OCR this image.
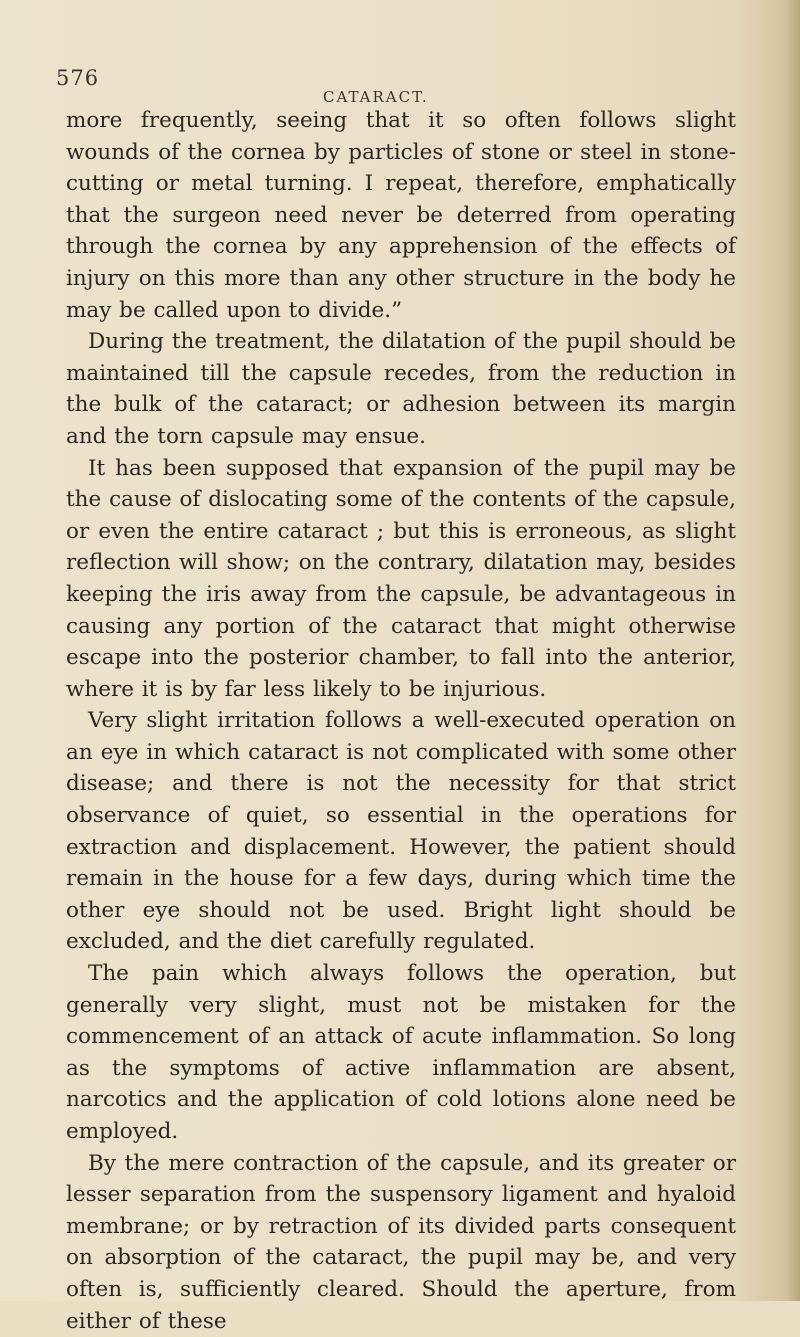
576
CATARACT.

more frequently, seeing that it so often follows slight wounds of the cornea by particles of stone or steel in stone-cutting or metal turning. I repeat, therefore, emphatically that the surgeon need never be deterred from operating through the cornea by any apprehension of the effects of injury on this more than any other structure in the body he may be called upon to divide.”

During the treatment, the dilatation of the pupil should be maintained till the capsule recedes, from the reduction in the bulk of the cataract; or adhesion between its margin and the torn capsule may ensue.

It has been supposed that expansion of the pupil may be the cause of dislocating some of the contents of the capsule, or even the entire cataract ; but this is erroneous, as slight reflection will show; on the contrary, dilatation may, besides keeping the iris away from the capsule, be advantageous in causing any portion of the cataract that might otherwise escape into the posterior chamber, to fall into the anterior, where it is by far less likely to be injurious.

Very slight irritation follows a well-executed operation on an eye in which cataract is not complicated with some other disease; and there is not the necessity for that strict observance of quiet, so essential in the operations for extraction and displacement. However, the patient should remain in the house for a few days, during which time the other eye should not be used. Bright light should be excluded, and the diet carefully regulated.

The pain which always follows the operation, but generally very slight, must not be mistaken for the commencement of an attack of acute inflammation. So long as the symptoms of active inflammation are absent, narcotics and the application of cold lotions alone need be employed.

By the mere contraction of the capsule, and its greater or lesser separation from the suspensory ligament and hyaloid membrane; or by retraction of its divided parts consequent on absorption of the cataract, the pupil may be, and very often is, sufficiently cleared. Should the aperture, from either of these
